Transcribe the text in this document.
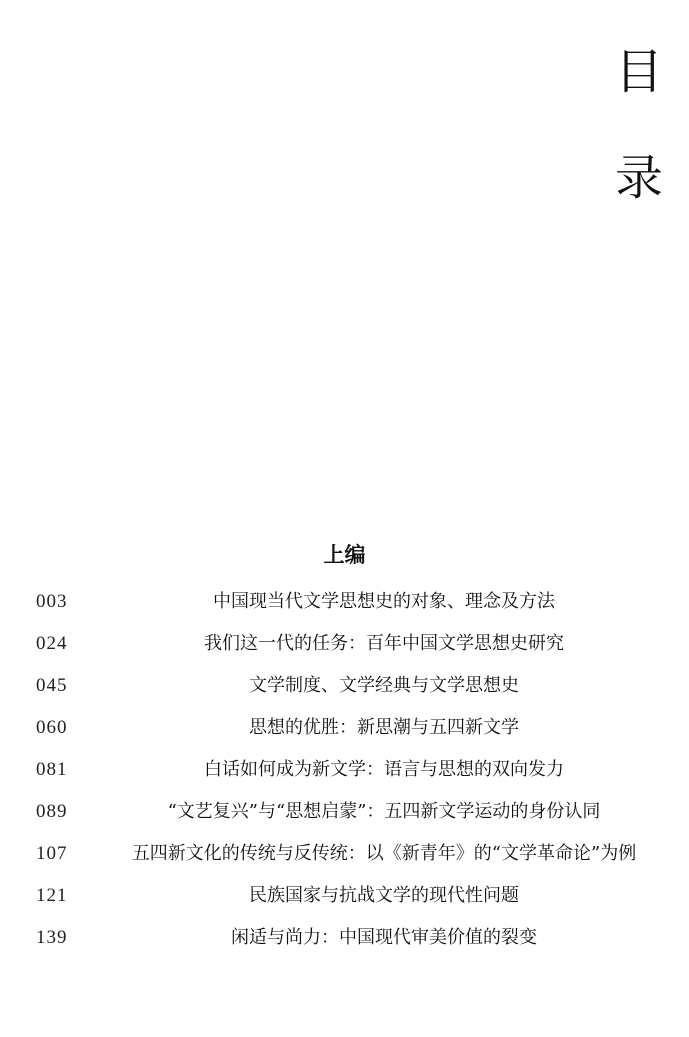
目
录
上编
003	中国现当代文学思想史的对象、理念及方法
024	我们这一代的任务：百年中国文学思想史研究
045	文学制度、文学经典与文学思想史
060	思想的优胜：新思潮与五四新文学
081	白话如何成为新文学：语言与思想的双向发力
089	“文艺复兴”与“思想启蒙”：五四新文学运动的身份认同
107	五四新文化的传统与反传统：以《新青年》的“文学革命论”为例
121	民族国家与抗战文学的现代性问题
139	闲适与尚力：中国现代审美价值的裂变
